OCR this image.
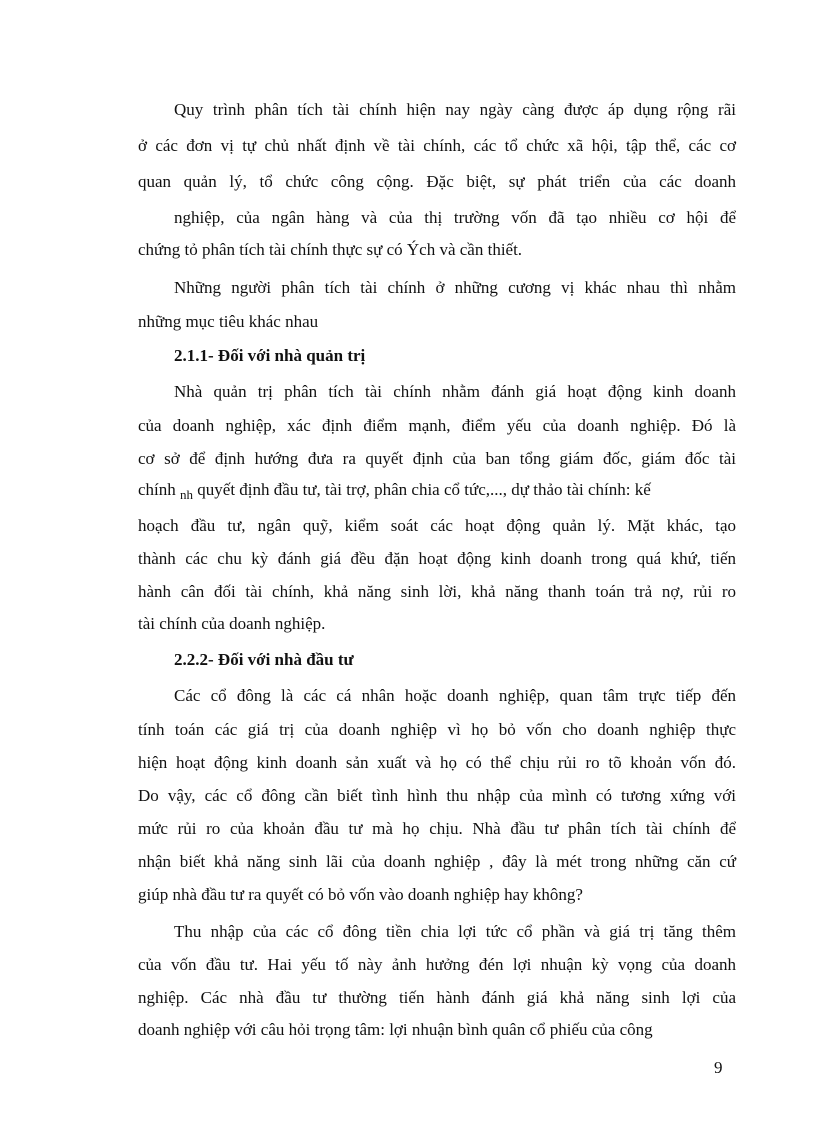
Quy trình phân tích tài chính hiện nay ngày càng được áp dụng rộng rãi
ở các đơn vị tự chủ nhất định về tài chính, các tổ chức xã hội, tập thể, các cơ
quan quản lý, tổ chức công cộng. Đặc biệt, sự phát triển của các doanh
nghiệp, của ngân hàng và của thị trường vốn đã tạo nhiều cơ hội để
chứng tỏ phân tích tài chính thực sự có Ých và cần thiết.
Những người phân tích tài chính ở những cương vị khác nhau thì nhằm
những mục tiêu khác nhau
2.1.1- Đối với nhà quản trị
Nhà quản trị phân tích tài chính nhằm đánh giá hoạt động kinh doanh
của doanh nghiệp, xác định điểm mạnh, điểm yếu của doanh nghiệp. Đó là
cơ sở để định hướng đưa ra quyết định của ban tổng giám đốc, giám đốc tài
chính $_{nh}$ quyết định đầu tư, tài trợ, phân chia cổ tức,..., dự thảo tài chính: kế
hoạch đầu tư, ngân quỹ, kiểm soát các hoạt động quản lý. Mặt khác, tạo
thành các chu kỳ đánh giá đều đặn hoạt động kinh doanh trong quá khứ, tiến
hành cân đối tài chính, khả năng sinh lời, khả năng thanh toán trả nợ, rủi ro
tài chính của doanh nghiệp.
2.2.2- Đối với nhà đầu tư
Các cổ đông là các cá nhân hoặc doanh nghiệp, quan tâm trực tiếp đến
tính toán các giá trị của doanh nghiệp vì họ bỏ vốn cho doanh nghiệp thực
hiện hoạt động kinh doanh sản xuất và họ có thể chịu rủi ro tõ khoản vốn đó.
Do vậy, các cổ đông cần biết tình hình thu nhập của mình có tương xứng với
mức rủi ro của khoản đầu tư mà họ chịu. Nhà đầu tư phân tích tài chính để
nhận biết khả năng sinh lãi của doanh nghiệp , đây là mét trong những căn cứ
giúp nhà đầu tư ra quyết có bỏ vốn vào doanh nghiệp hay không?
Thu nhập của các cổ đông tiền chia lợi tức cổ phần và giá trị tăng thêm
của vốn đầu tư. Hai yếu tố này ảnh hưởng đén lợi nhuận kỳ vọng của doanh
nghiệp. Các nhà đầu tư thường tiến hành đánh giá khả năng sinh lợi của
doanh nghiệp với câu hỏi trọng tâm: lợi nhuận bình quân cổ phiếu của công
9
